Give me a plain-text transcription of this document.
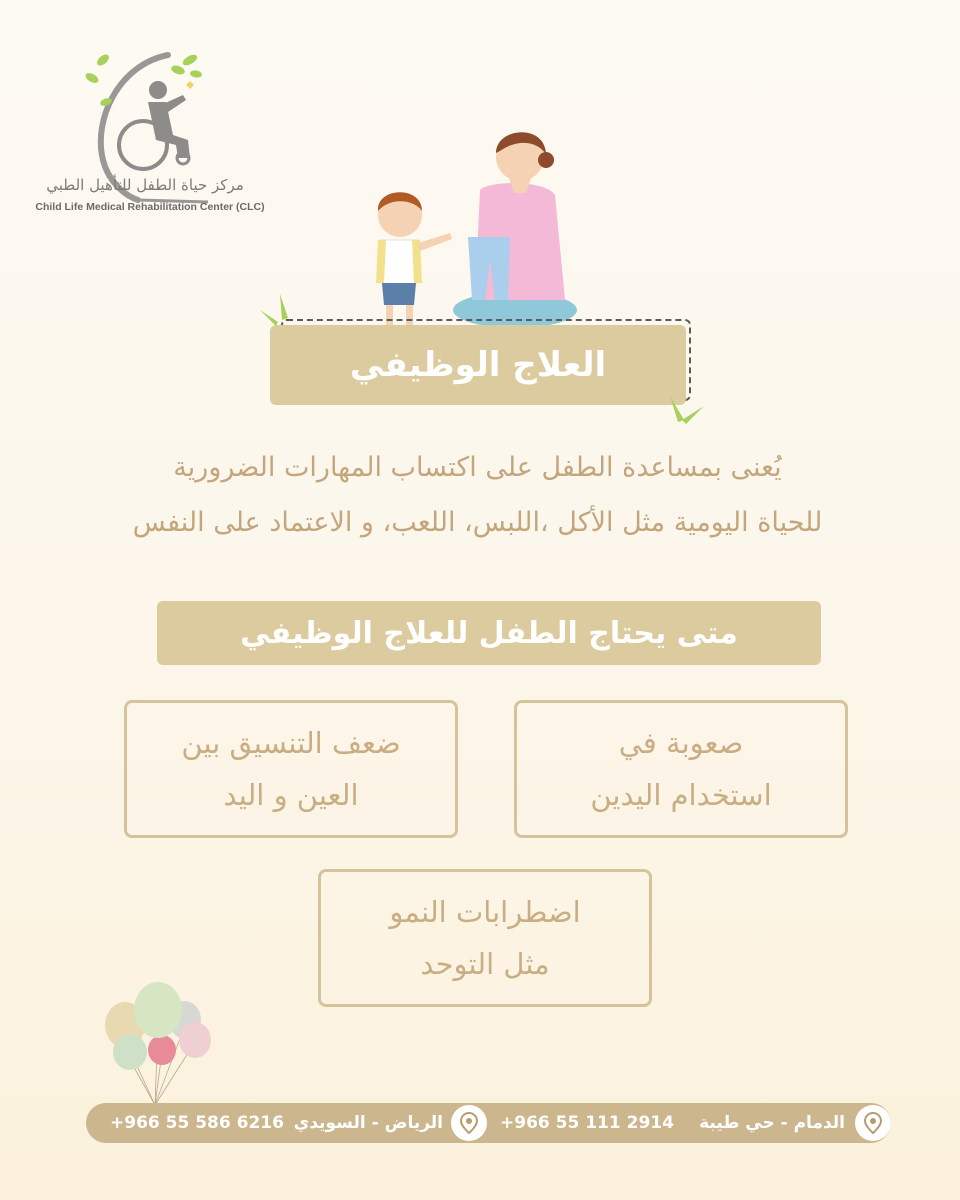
مركز حياة الطفل للتأهيل الطبي
Child Life Medical Rehabilitation Center (CLC)
العلاج الوظيفي
يُعنى بمساعدة الطفل على اكتساب المهارات الضرورية
للحياة اليومية مثل الأكل ،اللبس، اللعب، و الاعتماد على النفس
متى يحتاج الطفل للعلاج الوظيفي
صعوبة في
استخدام اليدين
ضعف التنسيق بين
العين و اليد
اضطرابات النمو
مثل التوحد
الدمام - حي طيبة
+966 55 111 2914
الرياض - السويدي
+966 55 586 6216
